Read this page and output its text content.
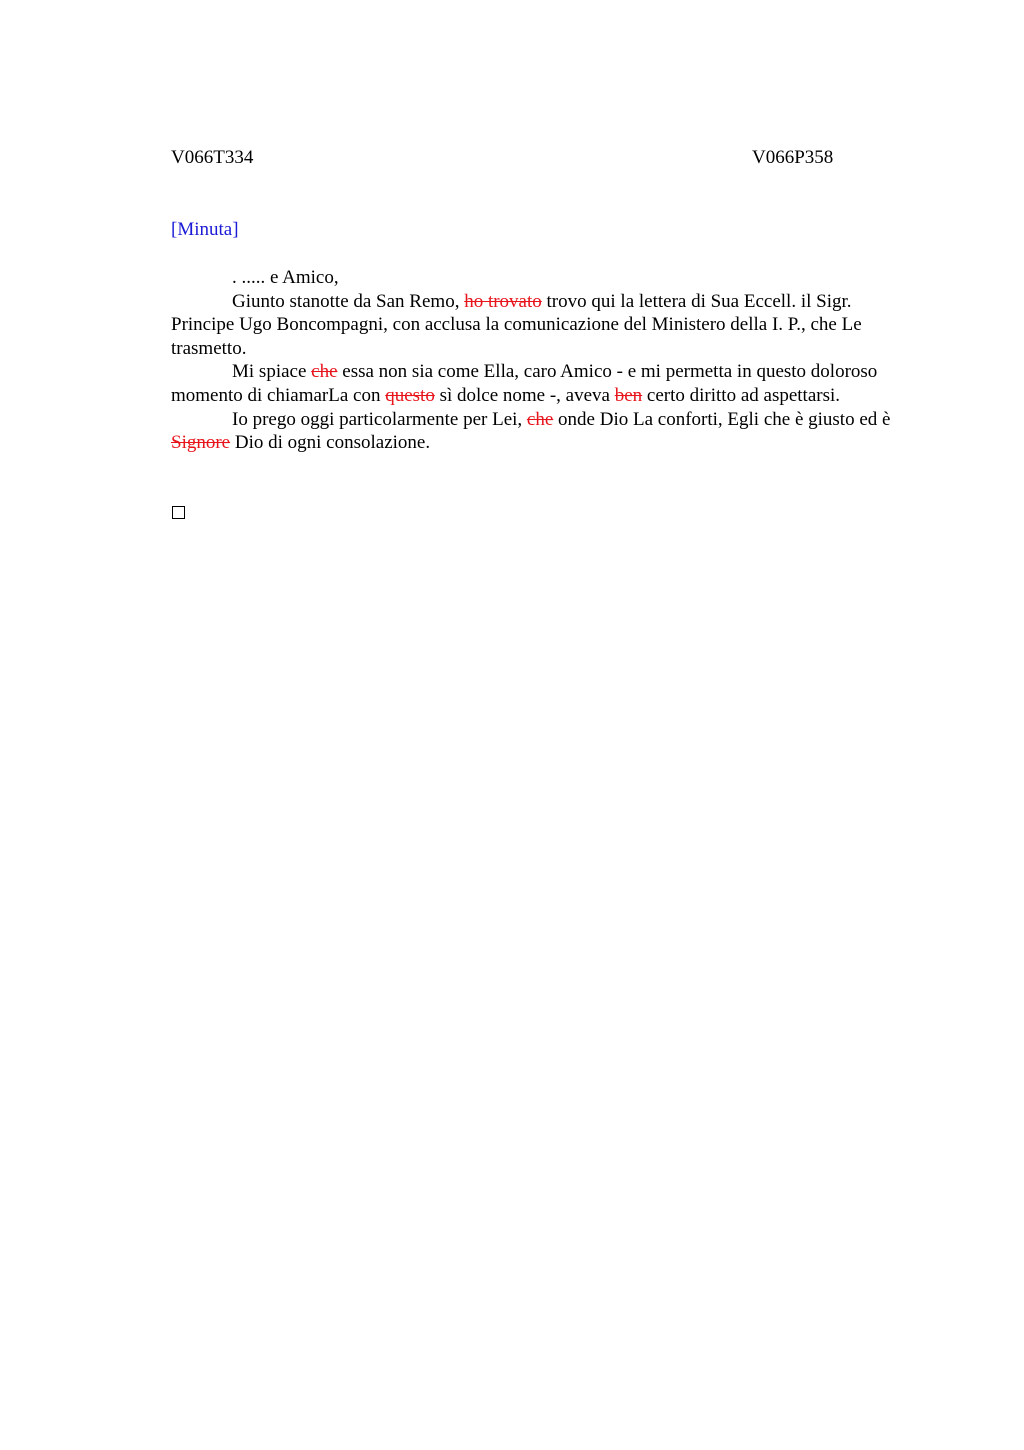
V066T334	V066P358
[Minuta]

. ..... e Amico,

Giunto stanotte da San Remo, ho trovato trovo qui la lettera di Sua Eccell. il Sigr. Principe Ugo Boncompagni, con acclusa la comunicazione del Ministero della I. P., che Le trasmetto.

Mi spiace che essa non sia come Ella, caro Amico - e mi permetta in questo doloroso momento di chiamarLa con questo sì dolce nome -, aveva ben certo diritto ad aspettarsi.

Io prego oggi particolarmente per Lei, che onde Dio La conforti, Egli che è giusto ed è Signore Dio di ogni consolazione.
